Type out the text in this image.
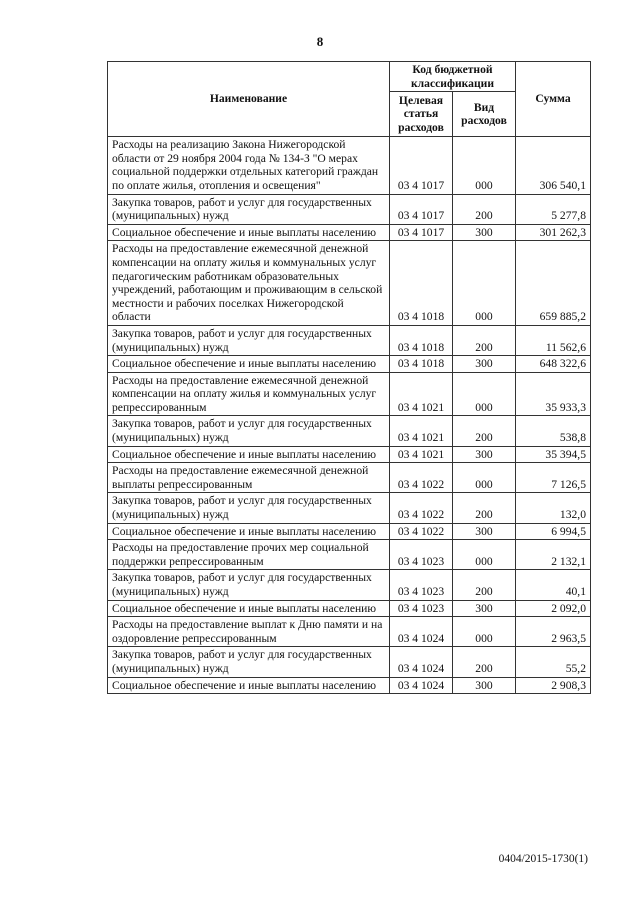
8
Наименование	Код бюджетной классификации		Сумма
	Целевая статья расходов	Вид расходов	
Расходы на реализацию Закона Нижегородской области от 29 ноября 2004 года № 134-З "О мерах социальной поддержки отдельных категорий граждан по оплате жилья, отопления и освещения"	03 4 1017	000	306 540,1
Закупка товаров, работ и услуг для государственных (муниципальных) нужд	03 4 1017	200	5 277,8
Социальное обеспечение и иные выплаты населению	03 4 1017	300	301 262,3
Расходы на предоставление ежемесячной денежной компенсации на оплату жилья и коммунальных услуг педагогическим работникам образовательных учреждений, работающим и проживающим в сельской местности и рабочих поселках Нижегородской области	03 4 1018	000	659 885,2
Закупка товаров, работ и услуг для государственных (муниципальных) нужд	03 4 1018	200	11 562,6
Социальное обеспечение и иные выплаты населению	03 4 1018	300	648 322,6
Расходы на предоставление ежемесячной денежной компенсации на оплату жилья и коммунальных услуг репрессированным	03 4 1021	000	35 933,3
Закупка товаров, работ и услуг для государственных (муниципальных) нужд	03 4 1021	200	538,8
Социальное обеспечение и иные выплаты населению	03 4 1021	300	35 394,5
Расходы на предоставление ежемесячной денежной выплаты репрессированным	03 4 1022	000	7 126,5
Закупка товаров, работ и услуг для государственных (муниципальных) нужд	03 4 1022	200	132,0
Социальное обеспечение и иные выплаты населению	03 4 1022	300	6 994,5
Расходы на предоставление прочих мер социальной поддержки репрессированным	03 4 1023	000	2 132,1
Закупка товаров, работ и услуг для государственных (муниципальных) нужд	03 4 1023	200	40,1
Социальное обеспечение и иные выплаты населению	03 4 1023	300	2 092,0
Расходы на предоставление выплат к Дню памяти и на оздоровление репрессированным	03 4 1024	000	2 963,5
Закупка товаров, работ и услуг для государственных (муниципальных) нужд	03 4 1024	200	55,2
Социальное обеспечение и иные выплаты населению	03 4 1024	300	2 908,3
0404/2015-1730(1)
